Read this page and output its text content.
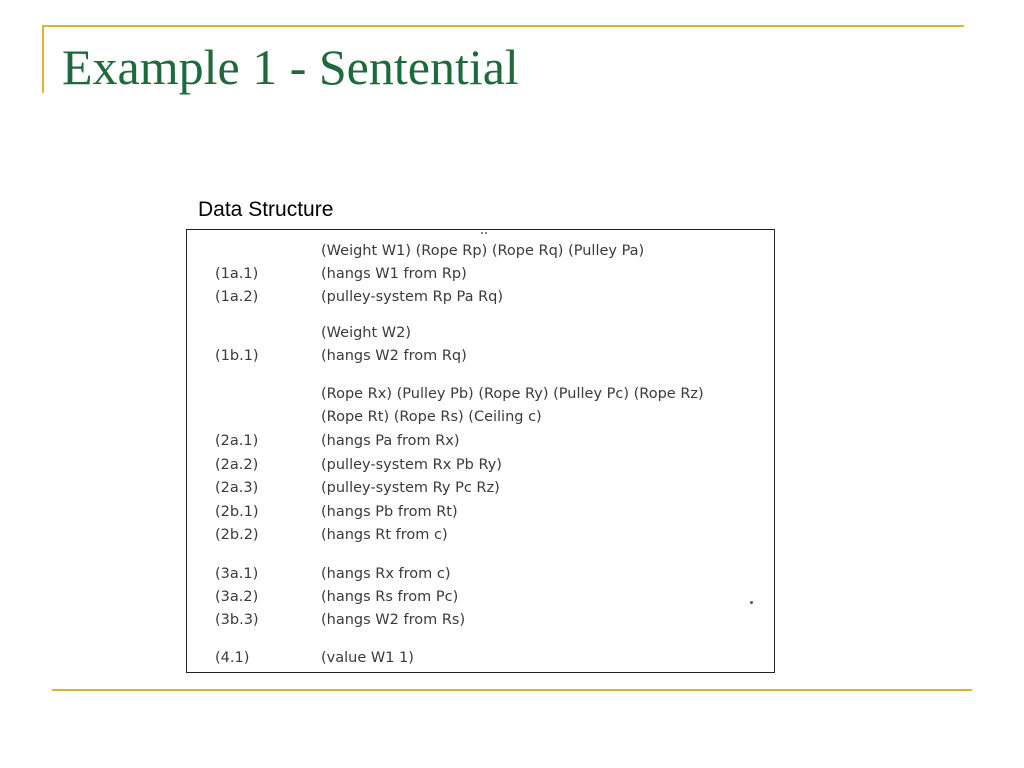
Example 1 - Sentential
Data Structure
(Weight W1) (Rope Rp) (Rope Rq) (Pulley Pa)
(1a.1)	(hangs W1 from Rp)
(1a.2)	(pulley-system Rp Pa Rq)
(Weight W2)
(1b.1)	(hangs W2 from Rq)
(Rope Rx) (Pulley Pb) (Rope Ry) (Pulley Pc) (Rope Rz)
(Rope Rt) (Rope Rs) (Ceiling c)
(2a.1)	(hangs Pa from Rx)
(2a.2)	(pulley-system Rx Pb Ry)
(2a.3)	(pulley-system Ry Pc Rz)
(2b.1)	(hangs Pb from Rt)
(2b.2)	(hangs Rt from c)
(3a.1)	(hangs Rx from c)
(3a.2)	(hangs Rs from Pc)
(3b.3)	(hangs W2 from Rs)
(4.1)	(value W1 1)
